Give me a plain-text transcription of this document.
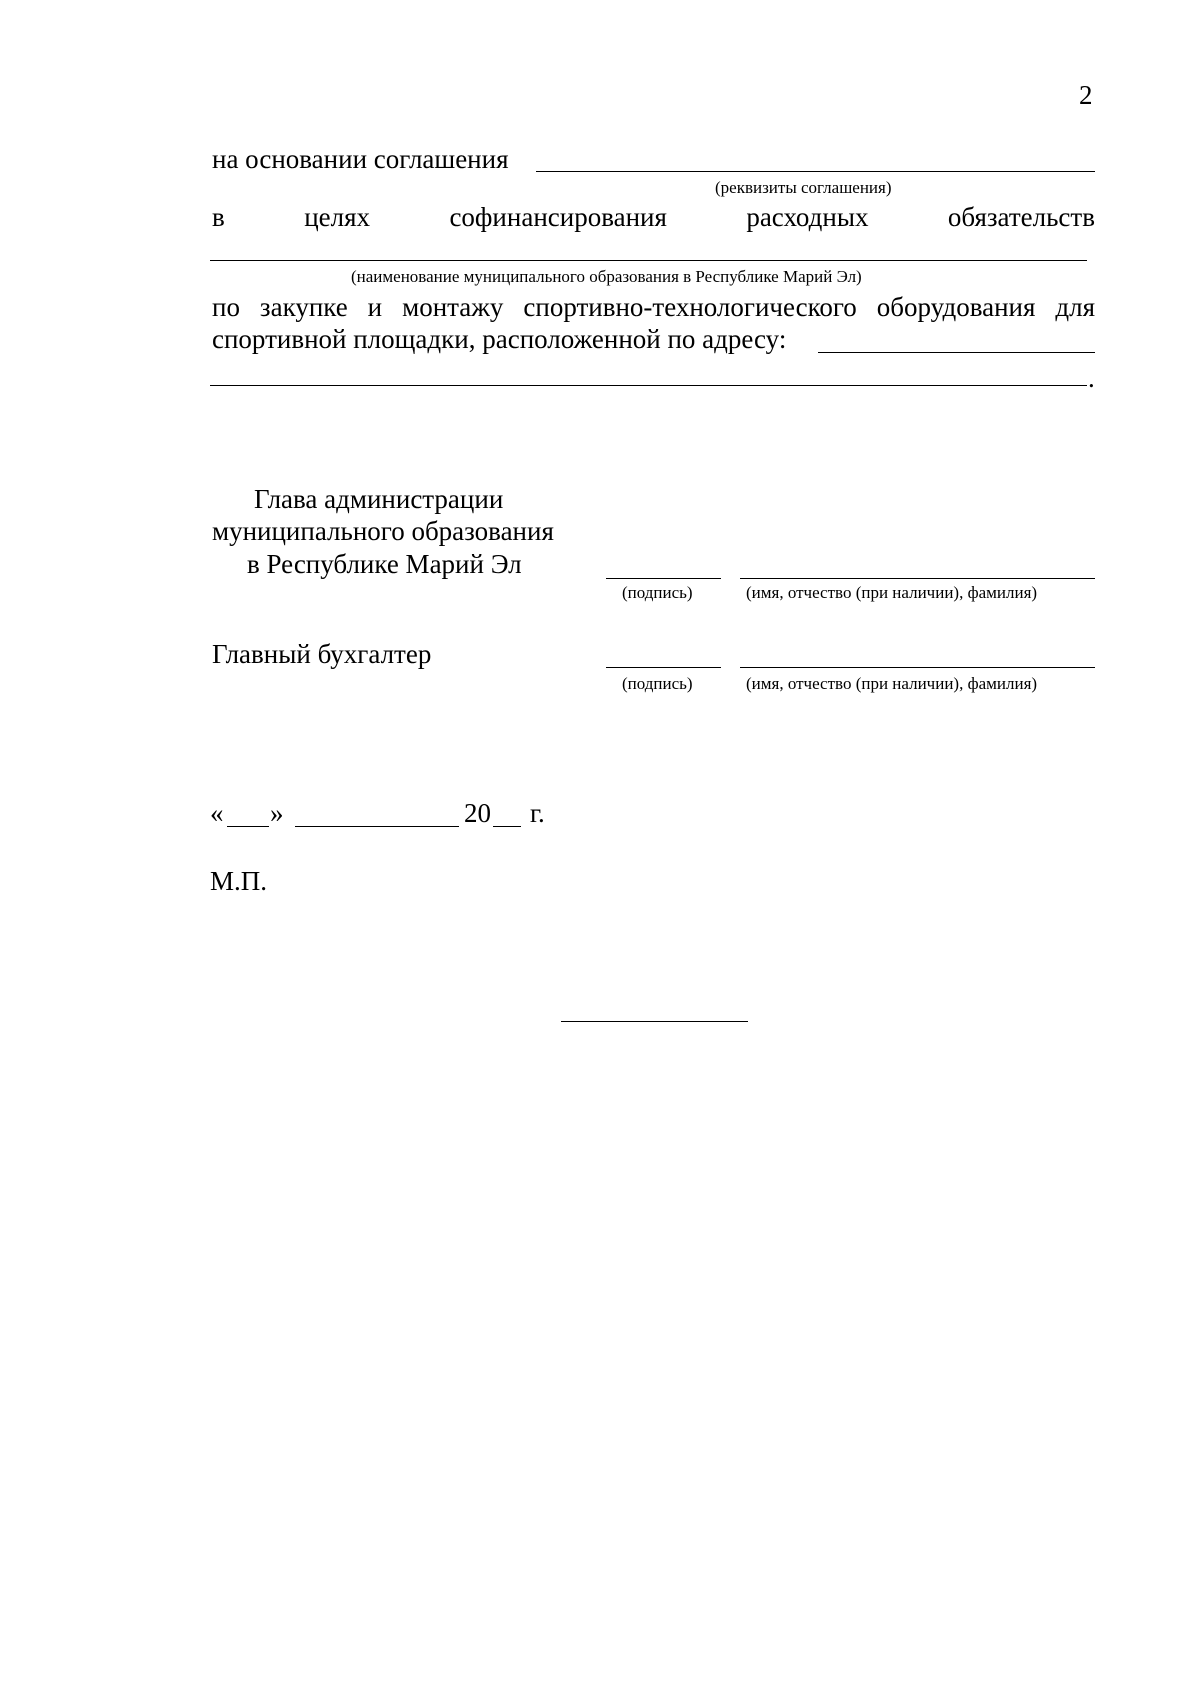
2
на основании соглашения
(реквизиты соглашения)
в	целях	софинансирования	расходных	обязательств
(наименование муниципального образования в Республике Марий Эл)
по закупке и монтажу спортивно-технологического оборудования для
спортивной площадки, расположенной по адресу:
.
Глава администрации
муниципального образования
в Республике Марий Эл
(подпись)	(имя, отчество (при наличии), фамилия)
Главный бухгалтер
(подпись)	(имя, отчество (при наличии), фамилия)
« »	20 г.
М.П.
